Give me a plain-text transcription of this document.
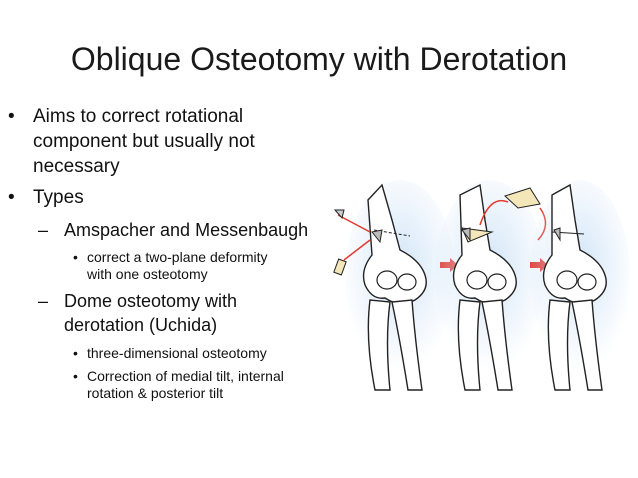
Oblique Osteotomy with Derotation
• Aims to correct rotational
component but usually not
necessary
• Types
– Amspacher and Messenbaugh
• correct a two-plane deformity
with one osteotomy
– Dome osteotomy with
derotation (Uchida)
• three-dimensional osteotomy
• Correction of medial tilt, internal
rotation & posterior tilt
